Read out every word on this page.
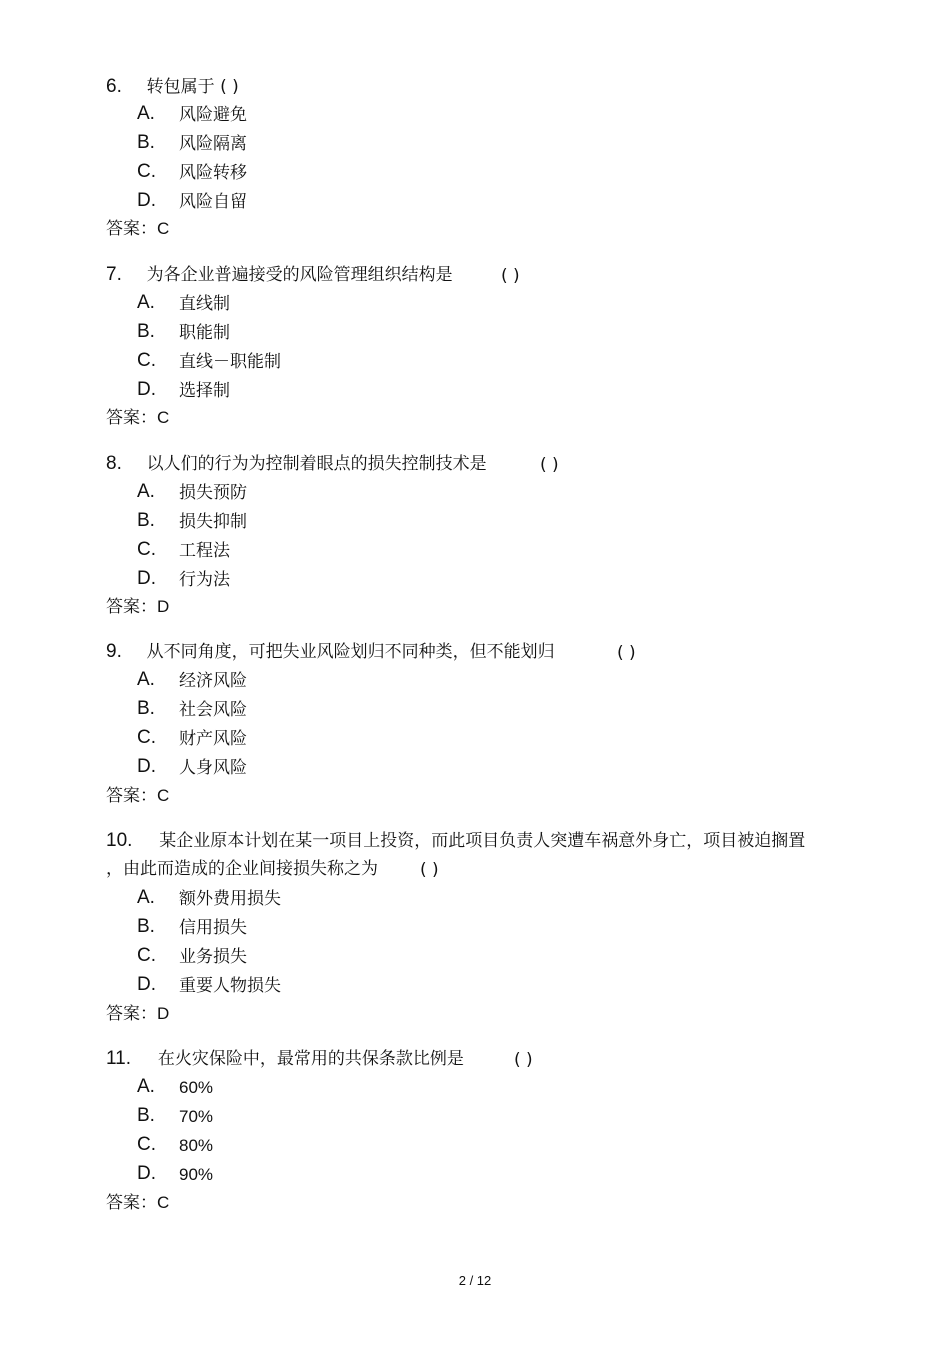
6. 转包属于 ( )
A. 风险避免
B. 风险隔离
C. 风险转移
D. 风险自留
答案：C
7. 为各企业普遍接受的风险管理组织结构是	( )
A. 直线制
B. 职能制
C. 直线－职能制
D. 选择制
答案：C
8. 以人们的行为为控制着眼点的损失控制技术是	( )
A. 损失预防
B. 损失抑制
C. 工程法
D. 行为法
答案：D
9. 从不同角度，可把失业风险划归不同种类，但不能划归	( )
A. 经济风险
B. 社会风险
C. 财产风险
D. 人身风险
答案：C
10. 某企业原本计划在某一项目上投资，而此项目负责人突遭车祸意外身亡，项目被迫搁置
，由此而造成的企业间接损失称之为 ( )
A. 额外费用损失
B. 信用损失
C. 业务损失
D. 重要人物损失
答案：D
11. 在火灾保险中，最常用的共保条款比例是	( )
A. 60%
B. 70%
C. 80%
D. 90%
答案：C
2 / 12
